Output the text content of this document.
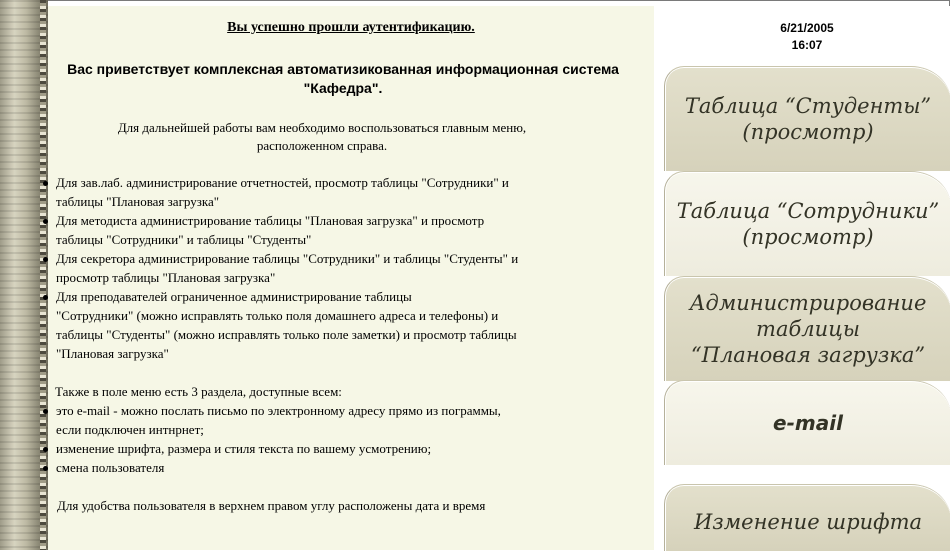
Вы успешно прошли аутентификацию.
Вас приветствует комплексная автоматизикованная информационная система
"Кафедра".
Для дальнейшей работы вам необходимо воспользоваться главным меню,
расположенном справа.
Для зав.лаб. администрирование отчетностей, просмотр таблицы "Сотрудники" и
таблицы "Плановая загрузка"
Для методиста администрирование таблицы "Плановая загрузка" и просмотр
таблицы "Сотрудники" и таблицы "Студенты"
Для секретора администрирование таблицы "Сотрудники" и таблицы "Студенты" и
просмотр таблицы "Плановая загрузка"
Для преподавателей ограниченное администрирование таблицы
"Сотрудники" (можно исправлять только поля домашнего адреса и телефоны) и
таблицы "Студенты" (можно исправлять только поле заметки) и просмотр таблицы
"Плановая загрузка"
Также в поле меню есть 3 раздела, доступные всем:
это e-mail - можно послать письмо по электронному адресу прямо из пограммы,
если подключен интнрнет;
изменение шрифта, размера и стиля текста по вашему усмотрению;
смена пользователя
Для удобства пользователя в верхнем правом углу расположены дата и время
6/21/2005
16:07
Таблица “Студенты”
(просмотр)
Таблица “Сотрудники”
(просмотр)
Администрирование таблицы
“Плановая загрузка”
e-mail
Изменение шрифта
